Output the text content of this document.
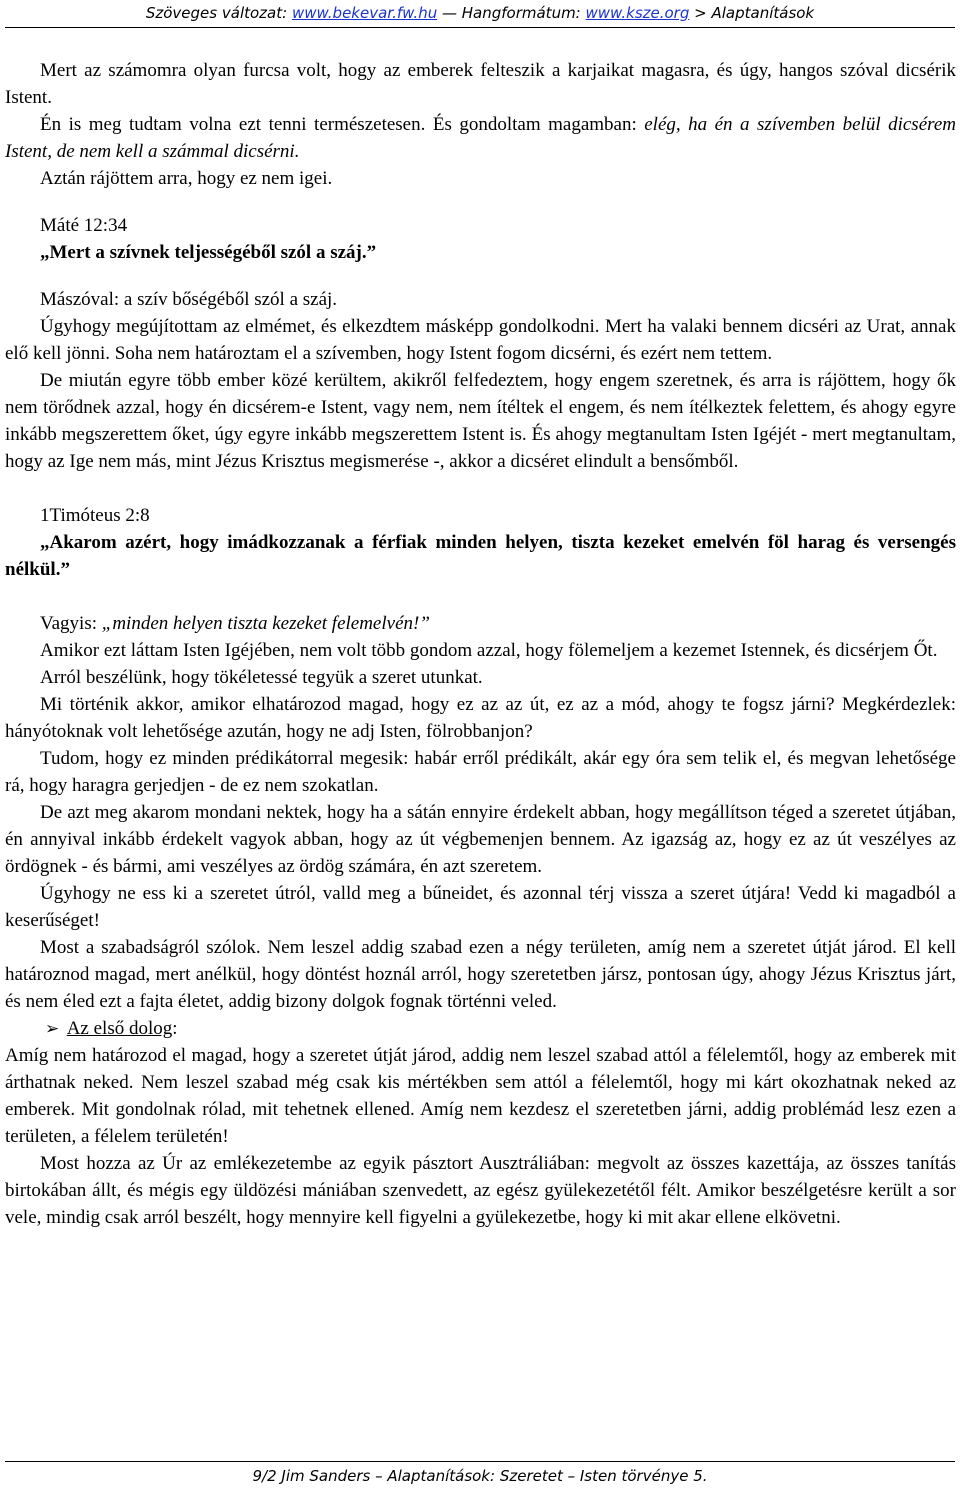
Szöveges változat: www.bekevar.fw.hu — Hangformátum: www.ksze.org > Alaptanítások

Mert az számomra olyan furcsa volt, hogy az emberek felteszik a karjaikat magasra, és úgy, hangos szóval dicsérik Istent.

Én is meg tudtam volna ezt tenni természetesen. És gondoltam magamban: elég, ha én a szívemben belül dicsérem Istent, de nem kell a számmal dicsérni.

Aztán rájöttem arra, hogy ez nem igei.

Máté 12:34

„Mert a szívnek teljességéből szól a száj.”

Mászóval: a szív bőségéből szól a száj.

Úgyhogy megújítottam az elmémet, és elkezdtem másképp gondolkodni. Mert ha valaki bennem dicséri az Urat, annak elő kell jönni. Soha nem határoztam el a szívemben, hogy Istent fogom dicsérni, és ezért nem tettem.

De miután egyre több ember közé kerültem, akikről felfedeztem, hogy engem szeretnek, és arra is rájöttem, hogy ők nem törődnek azzal, hogy én dicsérem-e Istent, vagy nem, nem ítéltek el engem, és nem ítélkeztek felettem, és ahogy egyre inkább megszerettem őket, úgy egyre inkább megszerettem Istent is. És ahogy megtanultam Isten Igéjét - mert megtanultam, hogy az Ige nem más, mint Jézus Krisztus megismerése -, akkor a dicséret elindult a bensőmből.

1Timóteus 2:8

„Akarom azért, hogy imádkozzanak a férfiak minden helyen, tiszta kezeket emelvén föl harag és versengés nélkül.”

Vagyis: „minden helyen tiszta kezeket felemelvén!”

Amikor ezt láttam Isten Igéjében, nem volt több gondom azzal, hogy fölemeljem a kezemet Istennek, és dicsérjem Őt.

Arról beszélünk, hogy tökéletessé tegyük a szeret utunkat.

Mi történik akkor, amikor elhatározod magad, hogy ez az az út, ez az a mód, ahogy te fogsz járni? Megkérdezlek: hányótoknak volt lehetősége azután, hogy ne adj Isten, fölrobbanjon?

Tudom, hogy ez minden prédikátorral megesik: habár erről prédikált, akár egy óra sem telik el, és megvan lehetősége rá, hogy haragra gerjedjen - de ez nem szokatlan.

De azt meg akarom mondani nektek, hogy ha a sátán ennyire érdekelt abban, hogy megállítson téged a szeretet útjában, én annyival inkább érdekelt vagyok abban, hogy az út végbemenjen bennem. Az igazság az, hogy ez az út veszélyes az ördögnek - és bármi, ami veszélyes az ördög számára, én azt szeretem.

Úgyhogy ne ess ki a szeretet útról, valld meg a bűneidet, és azonnal térj vissza a szeret útjára! Vedd ki magadból a keserűséget!

Most a szabadságról szólok. Nem leszel addig szabad ezen a négy területen, amíg nem a szeretet útját járod. El kell határoznod magad, mert anélkül, hogy döntést hoznál arról, hogy szeretetben jársz, pontosan úgy, ahogy Jézus Krisztus járt, és nem éled ezt a fajta életet, addig bizony dolgok fognak történni veled.

➢ Az első dolog:

Amíg nem határozod el magad, hogy a szeretet útját járod, addig nem leszel szabad attól a félelemtől, hogy az emberek mit árthatnak neked. Nem leszel szabad még csak kis mértékben sem attól a félelemtől, hogy mi kárt okozhatnak neked az emberek. Mit gondolnak rólad, mit tehetnek ellened. Amíg nem kezdesz el szeretetben járni, addig problémád lesz ezen a területen, a félelem területén!

Most hozza az Úr az emlékezetembe az egyik pásztort Ausztráliában: megvolt az összes kazettája, az összes tanítás birtokában állt, és mégis egy üldözési mániában szenvedett, az egész gyülekezetétől félt. Amikor beszélgetésre került a sor vele, mindig csak arról beszélt, hogy mennyire kell figyelni a gyülekezetbe, hogy ki mit akar ellene elkövetni.

9/2 Jim Sanders – Alaptanítások: Szeretet – Isten törvénye 5.
